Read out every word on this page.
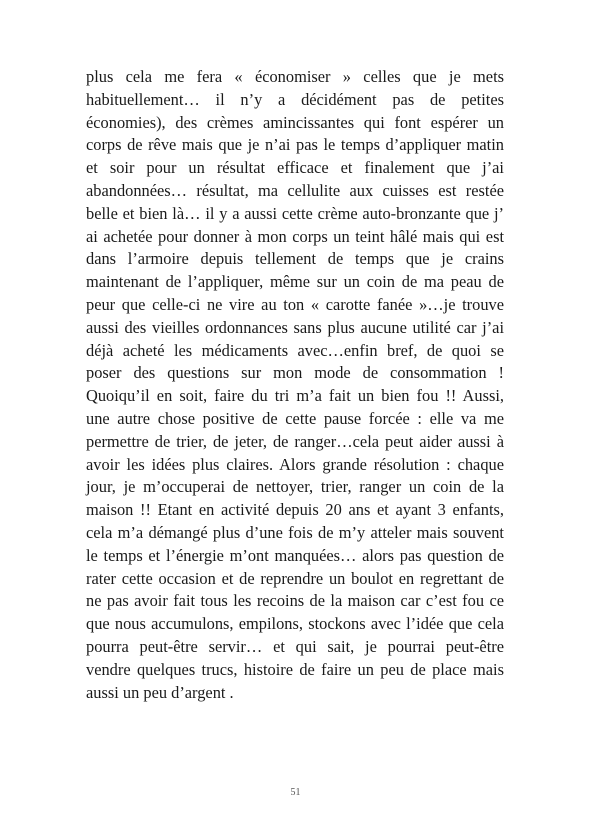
plus cela me fera « économiser » celles que je mets
habituellement… il n’y a décidément pas de petites
économies), des crèmes amincissantes qui font espérer un
corps de rêve mais que je n’ai pas le temps d’appliquer matin
et soir pour un résultat efficace et finalement que j’ai
abandonnées… résultat, ma cellulite aux cuisses est restée
belle et bien là… il y a aussi cette crème auto-bronzante que j’
ai achetée pour donner à mon corps un teint hâlé mais qui est
dans l’armoire depuis tellement de temps que je crains
maintenant de l’appliquer, même sur un coin de ma peau de
peur que celle-ci ne vire au ton « carotte fanée »…je trouve
aussi des vieilles ordonnances sans plus aucune utilité car j’ai
déjà acheté les médicaments avec…enfin bref, de quoi se
poser des questions sur mon mode de consommation !
Quoiqu’il en soit, faire du tri m’a fait un bien fou !! Aussi,
une autre chose positive de cette pause forcée : elle va me
permettre de trier, de jeter, de ranger…cela peut aider aussi à
avoir les idées plus claires. Alors grande résolution : chaque
jour, je m’occuperai de nettoyer, trier, ranger un coin de la
maison !! Etant en activité depuis 20 ans et ayant 3 enfants,
cela m’a démangé plus d’une fois de m’y atteler mais souvent
le temps et l’énergie m’ont manquées… alors pas question de
rater cette occasion et de reprendre un boulot en regrettant de
ne pas avoir fait tous les recoins de la maison car c’est fou ce
que nous accumulons, empilons, stockons avec l’idée que cela
pourra peut-être servir… et qui sait, je pourrai peut-être
vendre quelques trucs, histoire de faire un peu de place mais
aussi un peu d’argent .
51
